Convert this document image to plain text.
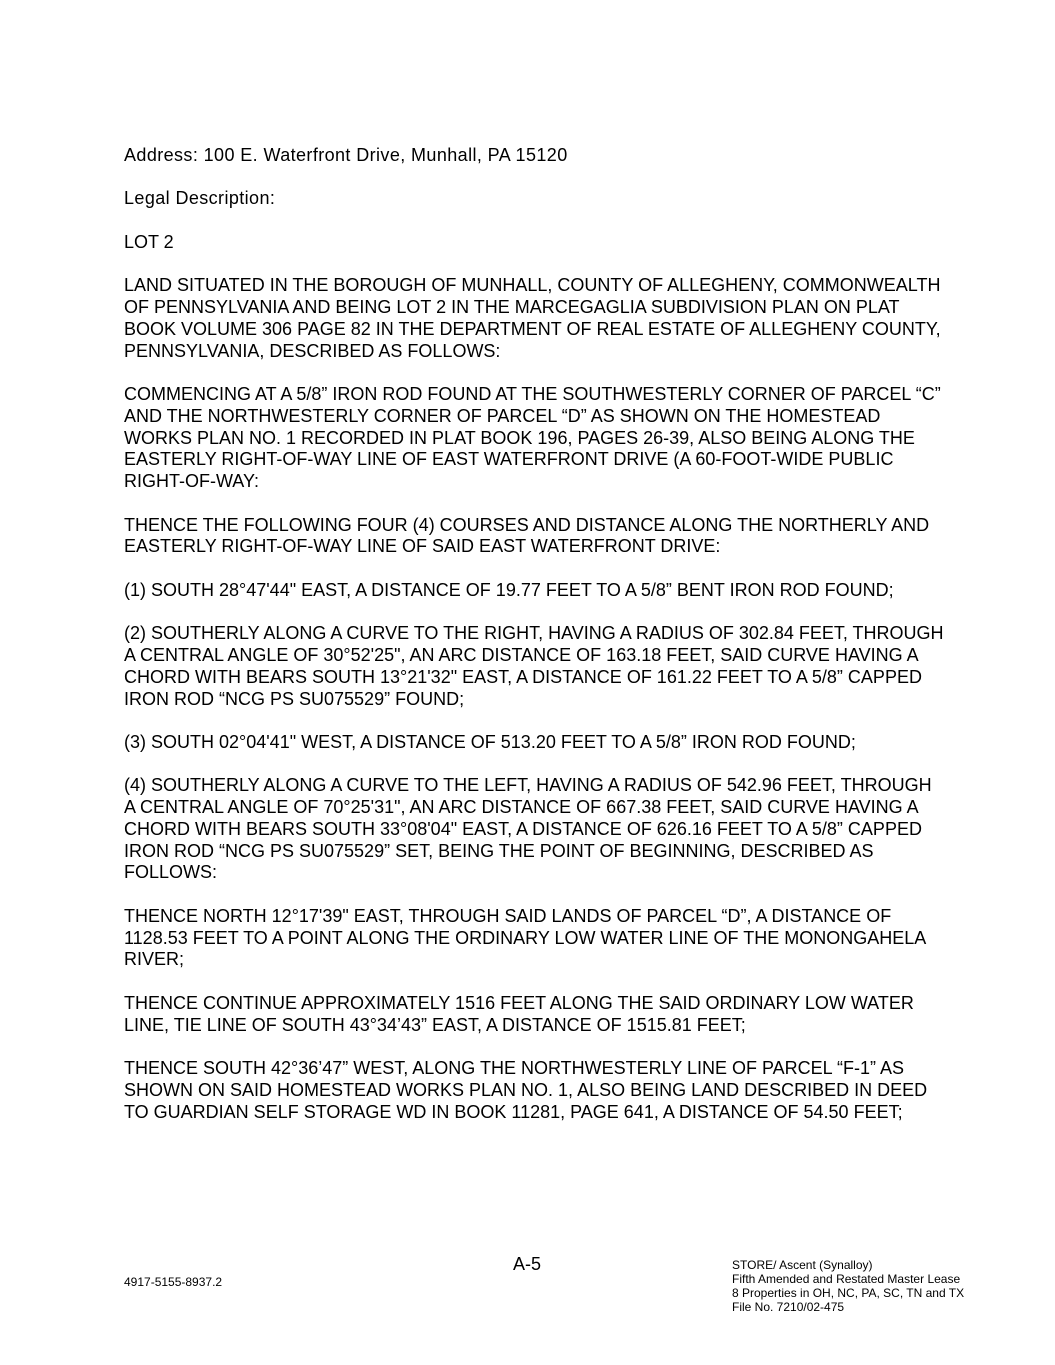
Address: 100 E. Waterfront Drive, Munhall, PA 15120

Legal Description:

LOT 2

LAND SITUATED IN THE BOROUGH OF MUNHALL, COUNTY OF ALLEGHENY, COMMONWEALTH OF PENNSYLVANIA AND BEING LOT 2 IN THE MARCEGAGLIA SUBDIVISION PLAN ON PLAT BOOK VOLUME 306 PAGE 82 IN THE DEPARTMENT OF REAL ESTATE OF ALLEGHENY COUNTY, PENNSYLVANIA, DESCRIBED AS FOLLOWS:

COMMENCING AT A 5/8” IRON ROD FOUND AT THE SOUTHWESTERLY CORNER OF PARCEL “C” AND THE NORTHWESTERLY CORNER OF PARCEL “D” AS SHOWN ON THE HOMESTEAD WORKS PLAN NO. 1 RECORDED IN PLAT BOOK 196, PAGES 26-39, ALSO BEING ALONG THE EASTERLY RIGHT-OF-WAY LINE OF EAST WATERFRONT DRIVE (A 60-FOOT-WIDE PUBLIC RIGHT-OF-WAY:

THENCE THE FOLLOWING FOUR (4) COURSES AND DISTANCE ALONG THE NORTHERLY AND EASTERLY RIGHT-OF-WAY LINE OF SAID EAST WATERFRONT DRIVE:

(1) SOUTH 28°47'44" EAST, A DISTANCE OF 19.77 FEET TO A 5/8” BENT IRON ROD FOUND;

(2) SOUTHERLY ALONG A CURVE TO THE RIGHT, HAVING A RADIUS OF 302.84 FEET, THROUGH A CENTRAL ANGLE OF 30°52'25", AN ARC DISTANCE OF 163.18 FEET, SAID CURVE HAVING A CHORD WITH BEARS SOUTH 13°21'32" EAST, A DISTANCE OF 161.22 FEET TO A 5/8” CAPPED IRON ROD “NCG PS SU075529” FOUND;

(3) SOUTH 02°04'41" WEST, A DISTANCE OF 513.20 FEET TO A 5/8” IRON ROD FOUND;

(4) SOUTHERLY ALONG A CURVE TO THE LEFT, HAVING A RADIUS OF 542.96 FEET, THROUGH A CENTRAL ANGLE OF 70°25'31", AN ARC DISTANCE OF 667.38 FEET, SAID CURVE HAVING A CHORD WITH BEARS SOUTH 33°08'04" EAST, A DISTANCE OF 626.16 FEET TO A 5/8” CAPPED IRON ROD “NCG PS SU075529” SET, BEING THE POINT OF BEGINNING, DESCRIBED AS FOLLOWS:

THENCE NORTH 12°17'39" EAST, THROUGH SAID LANDS OF PARCEL “D”, A DISTANCE OF 1128.53 FEET TO A POINT ALONG THE ORDINARY LOW WATER LINE OF THE MONONGAHELA RIVER;

THENCE CONTINUE APPROXIMATELY 1516 FEET ALONG THE SAID ORDINARY LOW WATER LINE, TIE LINE OF SOUTH 43°34’43” EAST, A DISTANCE OF 1515.81 FEET;

THENCE SOUTH 42°36’47” WEST, ALONG THE NORTHWESTERLY LINE OF PARCEL “F-1” AS SHOWN ON SAID HOMESTEAD WORKS PLAN NO. 1, ALSO BEING LAND DESCRIBED IN DEED TO GUARDIAN SELF STORAGE WD IN BOOK 11281, PAGE 641, A DISTANCE OF 54.50 FEET;

A-5
4917-5155-8937.2
STORE/ Ascent (Synalloy)
Fifth Amended and Restated Master Lease
8 Properties in OH, NC, PA, SC, TN and TX
File No. 7210/02-475
